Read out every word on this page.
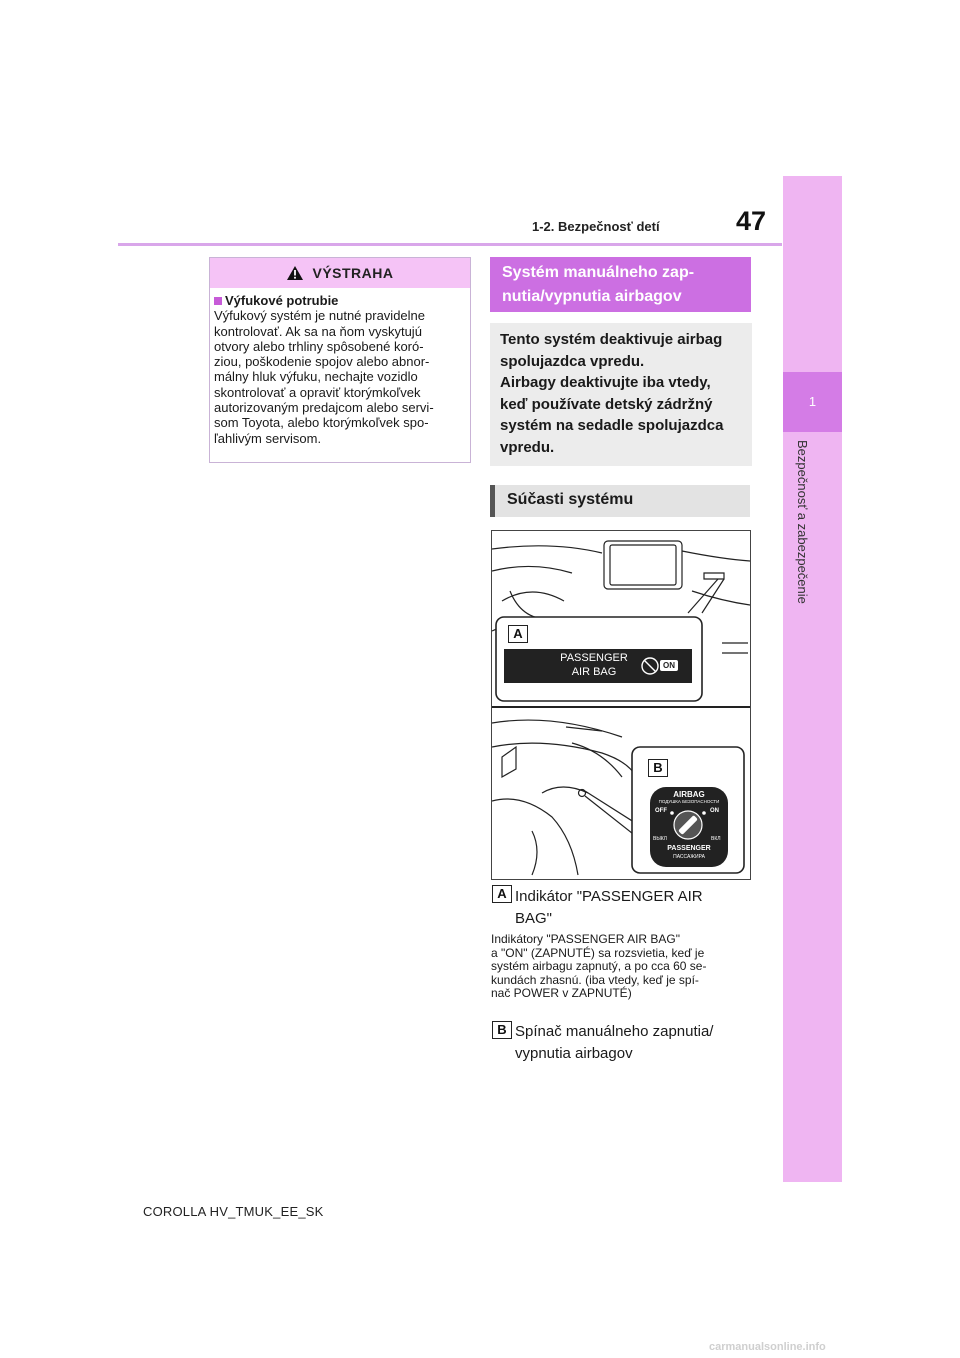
1-2. Bezpečnosť detí	47
1
Bezpečnosť a zabezpečenie
VÝSTRAHA
Výfukové potrubie
Výfukový systém je nutné pravidelne
kontrolovať. Ak sa na ňom vyskytujú
otvory alebo trhliny spôsobené koró-
ziou, poškodenie spojov alebo abnor-
málny hluk výfuku, nechajte vozidlo
skontrolovať a opraviť ktorýmkoľvek
autorizovaným predajcom alebo servi-
som Toyota, alebo ktorýmkoľvek spo-
ľahlivým servisom.
Systém manuálneho zap-
nutia/vypnutia airbagov
Tento systém deaktivuje airbag
spolujazdca vpredu.
Airbagy deaktivujte iba vtedy,
keď používate detský zádržný
systém na sedadle spolujazdca
vpredu.
Súčasti systému
A
B
PASSENGER
AIR BAG
ON
AIRBAG
ПОДУШКА БЕЗОПАСНОСТИ
OFF	ON
ВЫКЛ	ВКЛ
PASSENGER
ПАССАЖИРА
A Indikátor "PASSENGER AIR
BAG"
Indikátory "PASSENGER AIR BAG"
a "ON" (ZAPNUTÉ) sa rozsvietia, keď je
systém airbagu zapnutý, a po cca 60 se-
kundách zhasnú. (iba vtedy, keď je spí-
nač POWER v ZAPNUTÉ)
B Spínač manuálneho zapnutia/
vypnutia airbagov
COROLLA HV_TMUK_EE_SK
carmanualsonline.info
